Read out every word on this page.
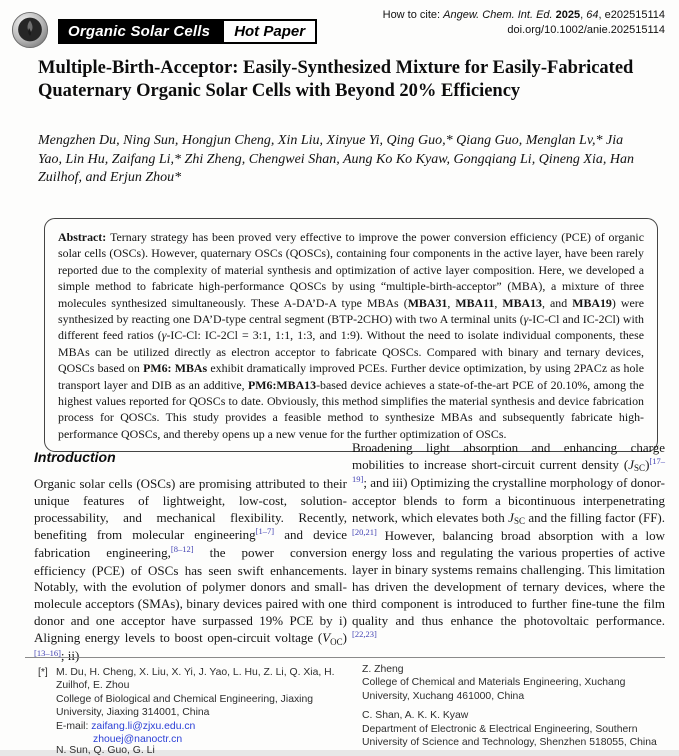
Organic Solar Cells	Hot Paper
How to cite: Angew. Chem. Int. Ed. 2025, 64, e202515114
doi.org/10.1002/anie.202515114
Multiple-Birth-Acceptor: Easily-Synthesized Mixture for Easily-Fabricated Quaternary Organic Solar Cells with Beyond 20% Efficiency
Mengzhen Du, Ning Sun, Hongjun Cheng, Xin Liu, Xinyue Yi, Qing Guo,* Qiang Guo, Menglan Lv,* Jia Yao, Lin Hu, Zaifang Li,* Zhi Zheng, Chengwei Shan, Aung Ko Ko Kyaw, Gongqiang Li, Qineng Xia, Han Zuilhof, and Erjun Zhou*
Abstract: Ternary strategy has been proved very effective to improve the power conversion efficiency (PCE) of organic solar cells (OSCs). However, quaternary OSCs (QOSCs), containing four components in the active layer, have been rarely reported due to the complexity of material synthesis and optimization of active layer composition. Here, we developed a simple method to fabricate high-performance QOSCs by using “multiple-birth-acceptor” (MBA), a mixture of three molecules synthesized simultaneously. These A-DA’D-A type MBAs (MBA31, MBA11, MBA13, and MBA19) were synthesized by reacting one DA’D-type central segment (BTP-2CHO) with two A terminal units (γ-IC-Cl and IC-2Cl) with different feed ratios (γ-IC-Cl: IC-2Cl = 3:1, 1:1, 1:3, and 1:9). Without the need to isolate individual components, these MBAs can be utilized directly as electron acceptor to fabricate QOSCs. Compared with binary and ternary devices, QOSCs based on PM6: MBAs exhibit dramatically improved PCEs. Further device optimization, by using 2PACz as hole transport layer and DIB as an additive, PM6:MBA13-based device achieves a state-of-the-art PCE of 20.10%, among the highest values reported for QOSCs to date. Obviously, this method simplifies the material synthesis and device fabrication process for QOSCs. This study provides a feasible method to synthesize MBAs and subsequently fabricate high-performance QOSCs, and thereby opens up a new venue for the further optimization of OSCs.
Introduction
Organic solar cells (OSCs) are promising attributed to their unique features of lightweight, low-cost, solution-processability, and mechanical flexibility. Recently, benefiting from molecular engineering[1–7] and device fabrication engineering,[8–12] the power conversion efficiency (PCE) of OSCs has seen swift enhancements. Notably, with the evolution of polymer donors and small-molecule acceptors (SMAs), binary devices paired with one donor and one acceptor have surpassed 19% PCE by i) Aligning energy levels to boost open-circuit voltage (VOC)[13–16]; ii)
Broadening light absorption and enhancing charge mobilities to increase short-circuit current density (JSC)[17–19]; and iii) Optimizing the crystalline morphology of donor-acceptor blends to form a bicontinuous interpenetrating network, which elevates both JSC and the filling factor (FF).[20,21] However, balancing broad absorption with a low energy loss and regulating the various properties of active layer in binary systems remains challenging. This limitation has driven the development of ternary devices, where the third component is introduced to further fine-tune the film quality and thus enhance the photovoltaic performance.[22,23]
[*] M. Du, H. Cheng, X. Liu, X. Yi, J. Yao, L. Hu, Z. Li, Q. Xia, H. Zuilhof, E. Zhou
College of Biological and Chemical Engineering, Jiaxing University, Jiaxing 314001, China
E-mail: zaifang.li@zjxu.edu.cn
zhouej@nanoctr.cn
Z. Zheng
College of Chemical and Materials Engineering, Xuchang University, Xuchang 461000, China
C. Shan, A. K. K. Kyaw
Department of Electronic & Electrical Engineering, Southern University of Science and Technology, Shenzhen 518055, China
N. Sun, Q. Guo, G. Li
